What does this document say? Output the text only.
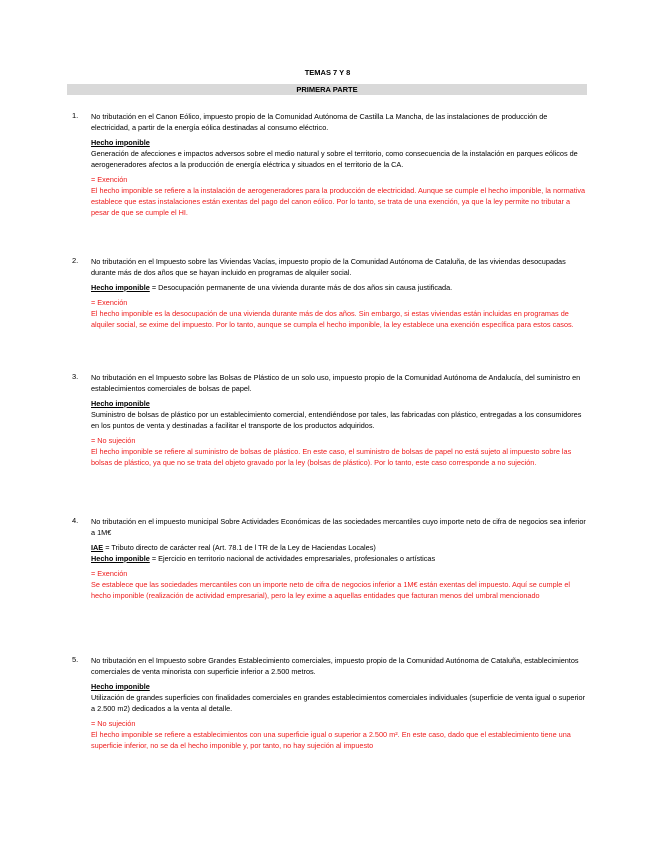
TEMAS 7 Y 8
PRIMERA PARTE
1. No tributación en el Canon Eólico, impuesto propio de la Comunidad Autónoma de Castilla La Mancha, de las instalaciones de producción de electricidad, a partir de la energía eólica destinadas al consumo eléctrico.

Hecho imponible

Generación de afecciones e impactos adversos sobre el medio natural y sobre el territorio, como consecuencia de la instalación en parques eólicos de aerogeneradores afectos a la producción de energía eléctrica y situados en el territorio de la CA.

= Exención

El hecho imponible se refiere a la instalación de aerogeneradores para la producción de electricidad. Aunque se cumple el hecho imponible, la normativa establece que estas instalaciones están exentas del pago del canon eólico. Por lo tanto, se trata de una exención, ya que la ley permite no tributar a pesar de que se cumple el HI.

2. No tributación en el Impuesto sobre las Viviendas Vacías, impuesto propio de la Comunidad Autónoma de Cataluña, de las viviendas desocupadas durante más de dos años que se hayan incluido en programas de alquiler social.

Hecho imponible = Desocupación permanente de una vivienda durante más de dos años sin causa justificada.

= Exención

El hecho imponible es la desocupación de una vivienda durante más de dos años. Sin embargo, si estas viviendas están incluidas en programas de alquiler social, se exime del impuesto. Por lo tanto, aunque se cumpla el hecho imponible, la ley establece una exención específica para estos casos.

3. No tributación en el Impuesto sobre las Bolsas de Plástico de un solo uso, impuesto propio de la Comunidad Autónoma de Andalucía, del suministro en establecimientos comerciales de bolsas de papel.

Hecho imponible

Suministro de bolsas de plástico por un establecimiento comercial, entendiéndose por tales, las fabricadas con plástico, entregadas a los consumidores en los puntos de venta y destinadas a facilitar el transporte de los productos adquiridos.

= No sujeción

El hecho imponible se refiere al suministro de bolsas de plástico. En este caso, el suministro de bolsas de papel no está sujeto al impuesto sobre las bolsas de plástico, ya que no se trata del objeto gravado por la ley (bolsas de plástico). Por lo tanto, este caso corresponde a no sujeción.

4. No tributación en el impuesto municipal Sobre Actividades Económicas de las sociedades mercantiles cuyo importe neto de cifra de negocios sea inferior a 1M€

IAE = Tributo directo de carácter real (Art. 78.1 de l TR de la Ley de Haciendas Locales)

Hecho imponible = Ejercicio en territorio nacional de actividades empresariales, profesionales o artísticas

= Exención

Se establece que las sociedades mercantiles con un importe neto de cifra de negocios inferior a 1M€ están exentas del impuesto. Aquí se cumple el hecho imponible (realización de actividad empresarial), pero la ley exime a aquellas entidades que facturan menos del umbral mencionado

5. No tributación en el Impuesto sobre Grandes Establecimiento comerciales, impuesto propio de la Comunidad Autónoma de Cataluña, establecimientos comerciales de venta minorista con superficie inferior a 2.500 metros.

Hecho imponible

Utilización de grandes superficies con finalidades comerciales en grandes establecimientos comerciales individuales (superficie de venta igual o superior a 2.500 m2) dedicados a la venta al detalle.

= No sujeción

El hecho imponible se refiere a establecimientos con una superficie igual o superior a 2.500 m². En este caso, dado que el establecimiento tiene una superficie inferior, no se da el hecho imponible y, por tanto, no hay sujeción al impuesto
